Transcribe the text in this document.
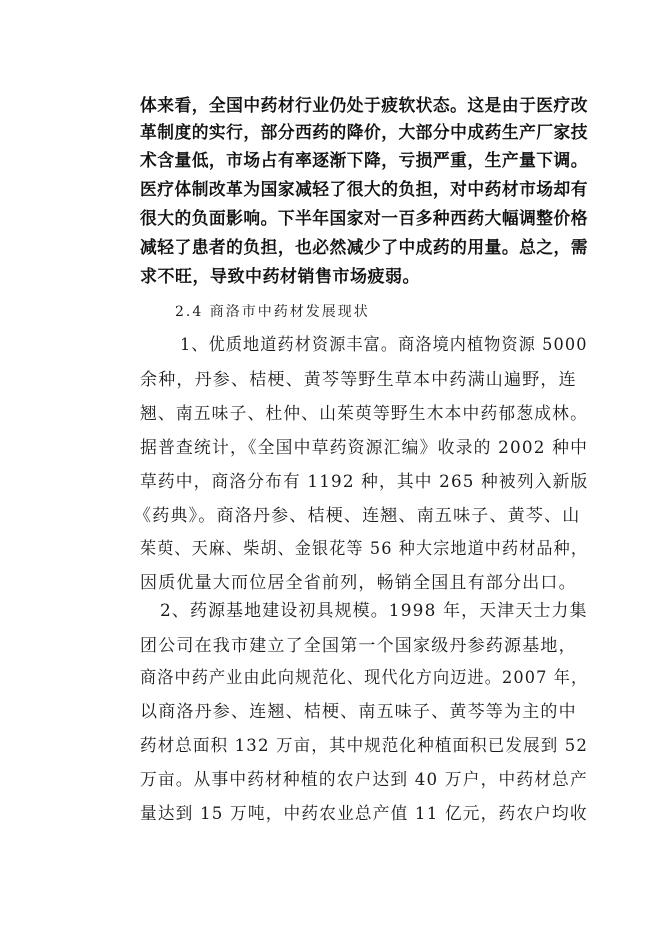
体来看，全国中药材行业仍处于疲软状态。这是由于医疗改
革制度的实行，部分西药的降价，大部分中成药生产厂家技
术含量低，市场占有率逐渐下降，亏损严重，生产量下调。
医疗体制改革为国家减轻了很大的负担，对中药材市场却有
很大的负面影响。下半年国家对一百多种西药大幅调整价格
减轻了患者的负担，也必然减少了中成药的用量。总之，需
求不旺，导致中药材销售市场疲弱。
2.4 商洛市中药材发展现状
1、优质地道药材资源丰富。商洛境内植物资源 5000
余种，丹参、桔梗、黄芩等野生草本中药满山遍野，连
翘、南五味子、杜仲、山茱萸等野生木本中药郁葱成林。
据普查统计，《全国中草药资源汇编》收录的 2002 种中
草药中，商洛分布有 1192 种，其中 265 种被列入新版
《药典》。商洛丹参、桔梗、连翘、南五味子、黄芩、山
茱萸、天麻、柴胡、金银花等 56 种大宗地道中药材品种，
因质优量大而位居全省前列，畅销全国且有部分出口。
2、药源基地建设初具规模。1998 年，天津天士力集
团公司在我市建立了全国第一个国家级丹参药源基地，
商洛中药产业由此向规范化、现代化方向迈进。2007 年，
以商洛丹参、连翘、桔梗、南五味子、黄芩等为主的中
药材总面积 132 万亩，其中规范化种植面积已发展到 52
万亩。从事中药材种植的农户达到 40 万户，中药材总产
量达到 15 万吨，中药农业总产值 11 亿元，药农户均收
